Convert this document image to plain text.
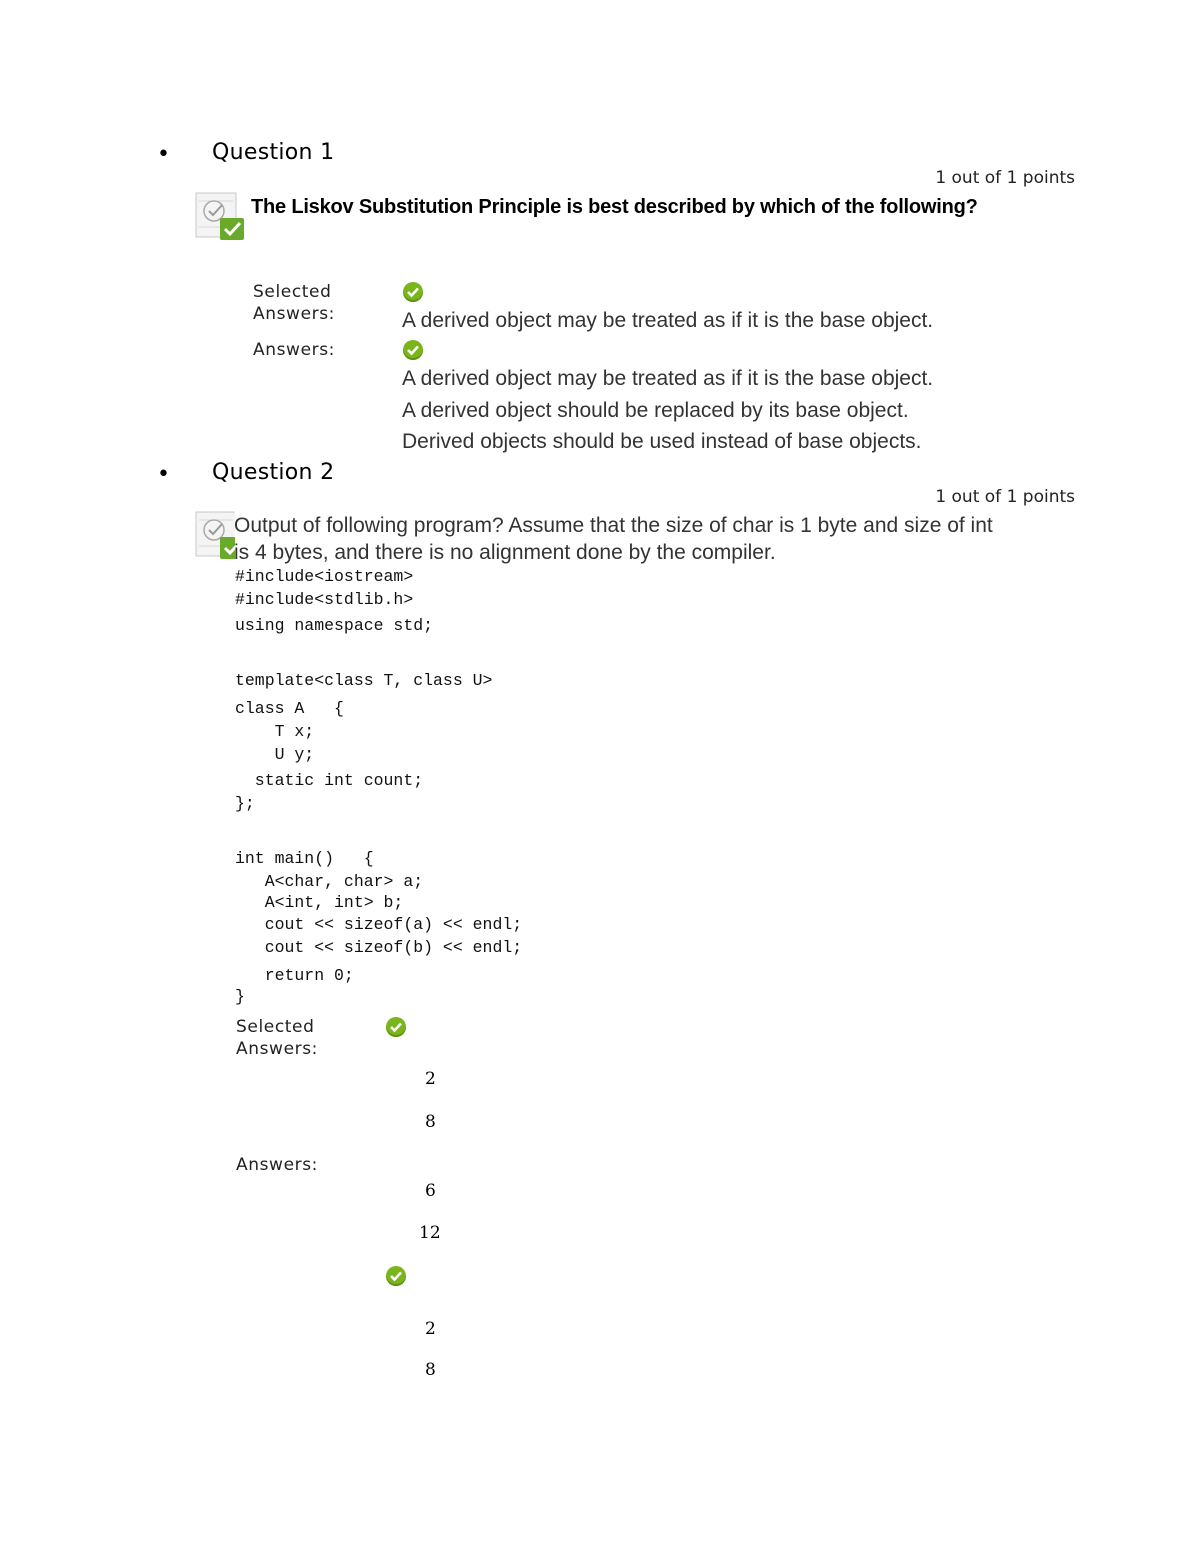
• Question 1
1 out of 1 points
The Liskov Substitution Principle is best described by which of the following?
Selected
Answers:	A derived object may be treated as if it is the base object.
Answers:
A derived object may be treated as if it is the base object.
A derived object should be replaced by its base object.
Derived objects should be used instead of base objects.
• Question 2
1 out of 1 points
Output of following program? Assume that the size of char is 1 byte and size of int
is 4 bytes, and there is no alignment done by the compiler.
#include<iostream>
#include<stdlib.h>
using namespace std;
template<class T, class U>
class A   {
T x;
U y;
static int count;
};
int main()   {
A<char, char> a;
A<int, int> b;
cout << sizeof(a) << endl;
cout << sizeof(b) << endl;
return 0;
}
Selected
Answers:
2
8
Answers:
6
12
2
8
